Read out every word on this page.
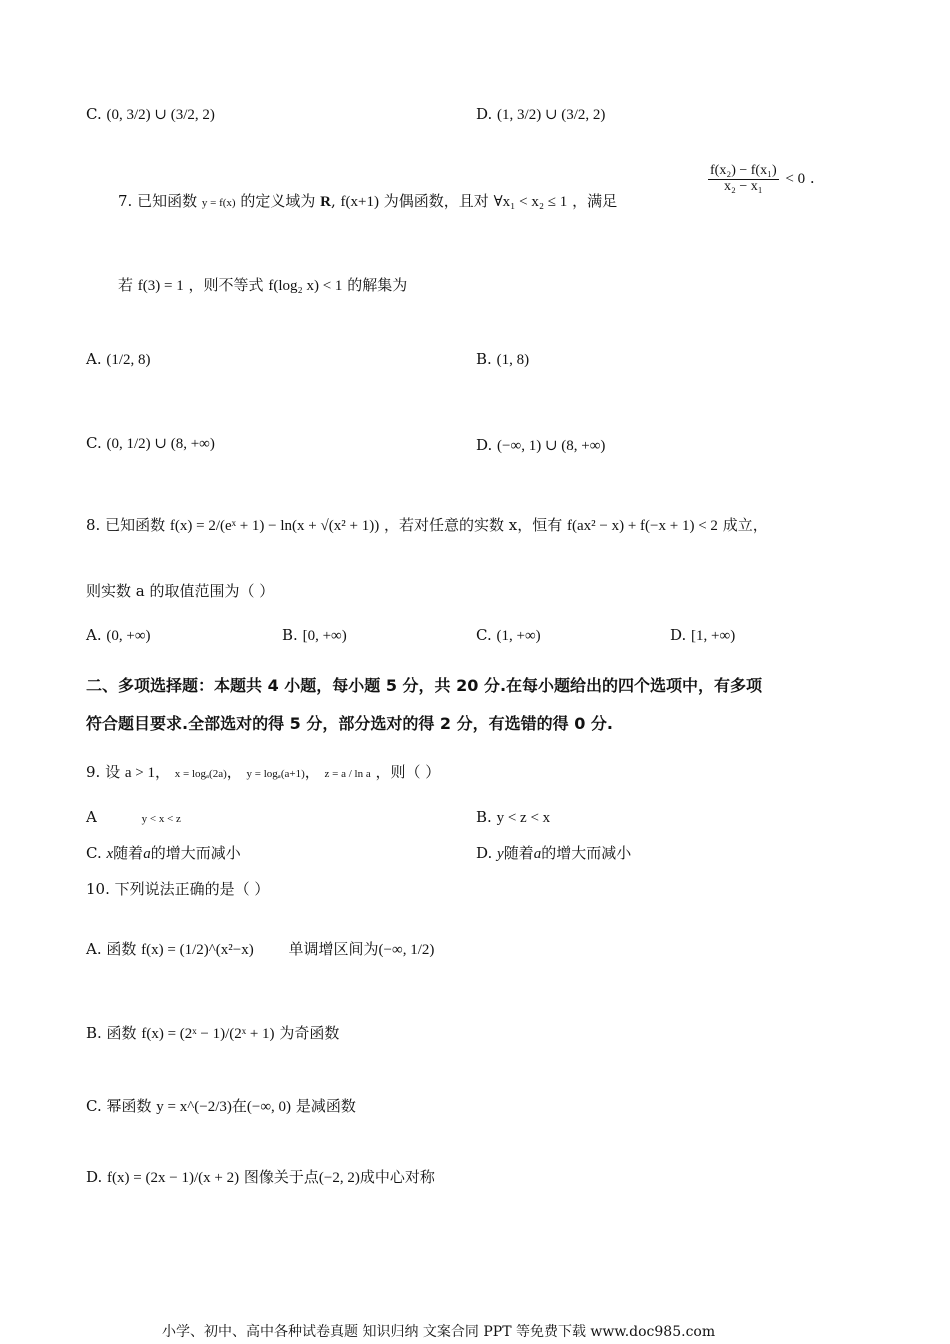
C. (0, 3/2) ∪ (3/2, 2)	D. (1, 3/2) ∪ (3/2, 2)
7. 已知函数 y = f(x) 的定义域为 R, f(x+1) 为偶函数，且对 ∀x₁ < x₂ ≤ 1 ，满足
$\frac{\text{f(x₂) − f(x₁)}}{\text{x₂ − x₁}} < 0$ .
若 f(3) = 1 ，则不等式 f(log₂ x) < 1 的解集为
A. (1/2, 8)	B. (1, 8)
C. (0, 1/2) ∪ (8, +∞)	D. (−∞, 1) ∪ (8, +∞)
8. 已知函数 f(x) = 2/(eˣ + 1) − ln(x + √(x² + 1)) ，若对任意的实数 x，恒有 f(ax² − x) + f(−x + 1) < 2 成立，
则实数 a 的取值范围为（ ）
A. (0, +∞)	B. [0, +∞)	C. (1, +∞)	D. [1, +∞)
二、多项选择题：本题共 4 小题，每小题 5 分，共 20 分.在每小题给出的四个选项中，有多项
符合题目要求.全部选对的得 5 分，部分选对的得 2 分，有选错的得 0 分.
9. 设 a > 1， x = logₐ(2a)， y = logₐ(a+1)， z = a / ln a ，则（ ）
A	y < x < z	B. y < z < x
C. x随着a的增大而减小	D. y随着a的增大而减小
10. 下列说法正确的是（ ）
A. 函数 f(x) = (1/2)^(x²−x) 单调增区间为(−∞, 1/2)
B. 函数 f(x) = (2ˣ − 1)/(2ˣ + 1) 为奇函数
C. 幂函数 y = x^(−2/3)在(−∞, 0) 是减函数
D. f(x) = (2x − 1)/(x + 2) 图像关于点(−2, 2)成中心对称
小学、初中、高中各种试卷真题 知识归纳 文案合同 PPT 等免费下载 www.doc985.com
